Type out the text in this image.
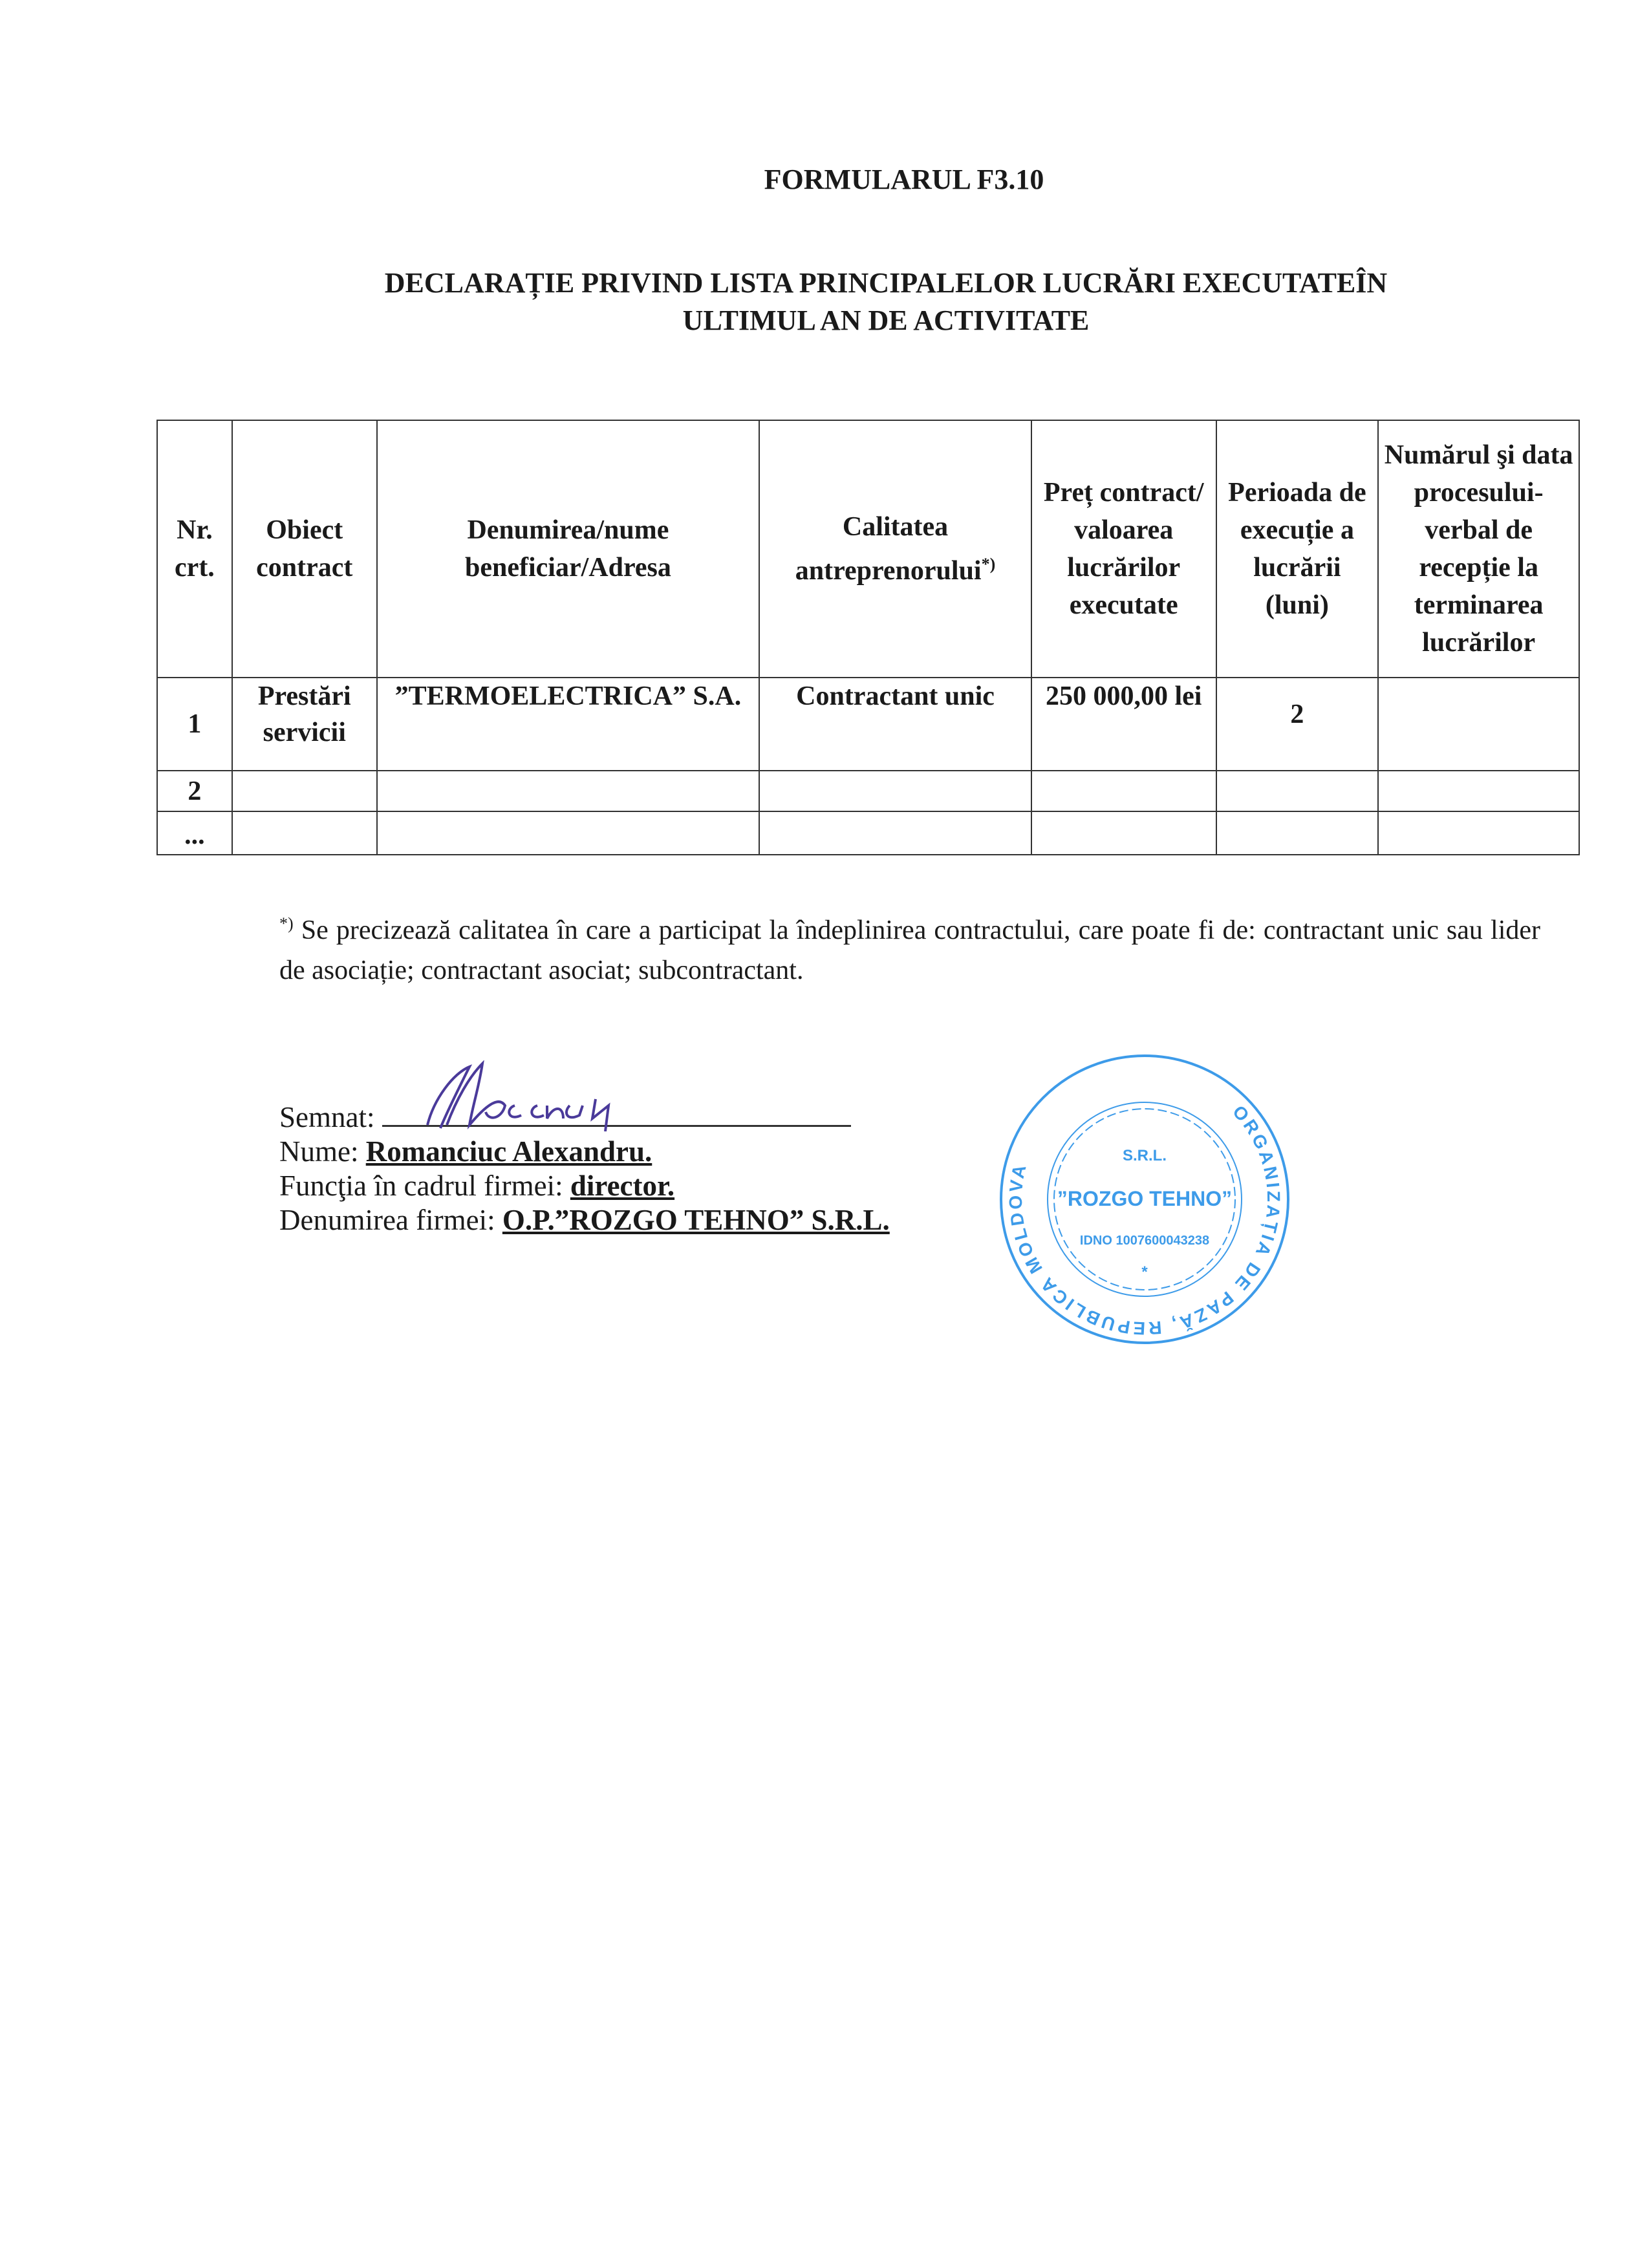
FORMULARUL F3.10
DECLARAȚIE PRIVIND LISTA PRINCIPALELOR LUCRĂRI EXECUTATEÎN
ULTIMUL AN DE ACTIVITATE
Nr. crt.	Obiect contract	Denumirea/nume beneficiar/Adresa	Calitatea antreprenorului*)	Preț contract/ valoarea lucrărilor executate	Perioada de execuție a lucrării (luni)	Numărul şi data procesului-verbal de recepție la terminarea lucrărilor
1	Prestări servicii	”TERMOELECTRICA” S.A.	Contractant unic	250 000,00 lei	2	
2						
...						
*) Se precizează calitatea în care a participat la îndeplinirea contractului, care poate fi de: contractant unic sau lider de asociație; contractant asociat; subcontractant.
Semnat:
Nume: Romanciuc Alexandru.
Funcţia în cadrul firmei: director.
Denumirea firmei: O.P.”ROZGO TEHNO” S.R.L.
ORGANIZAȚIA DE PAZĂ, REPUBLICA MOLDOVA
S.R.L.
”ROZGO TEHNO”
IDNO 1007600043238
*
